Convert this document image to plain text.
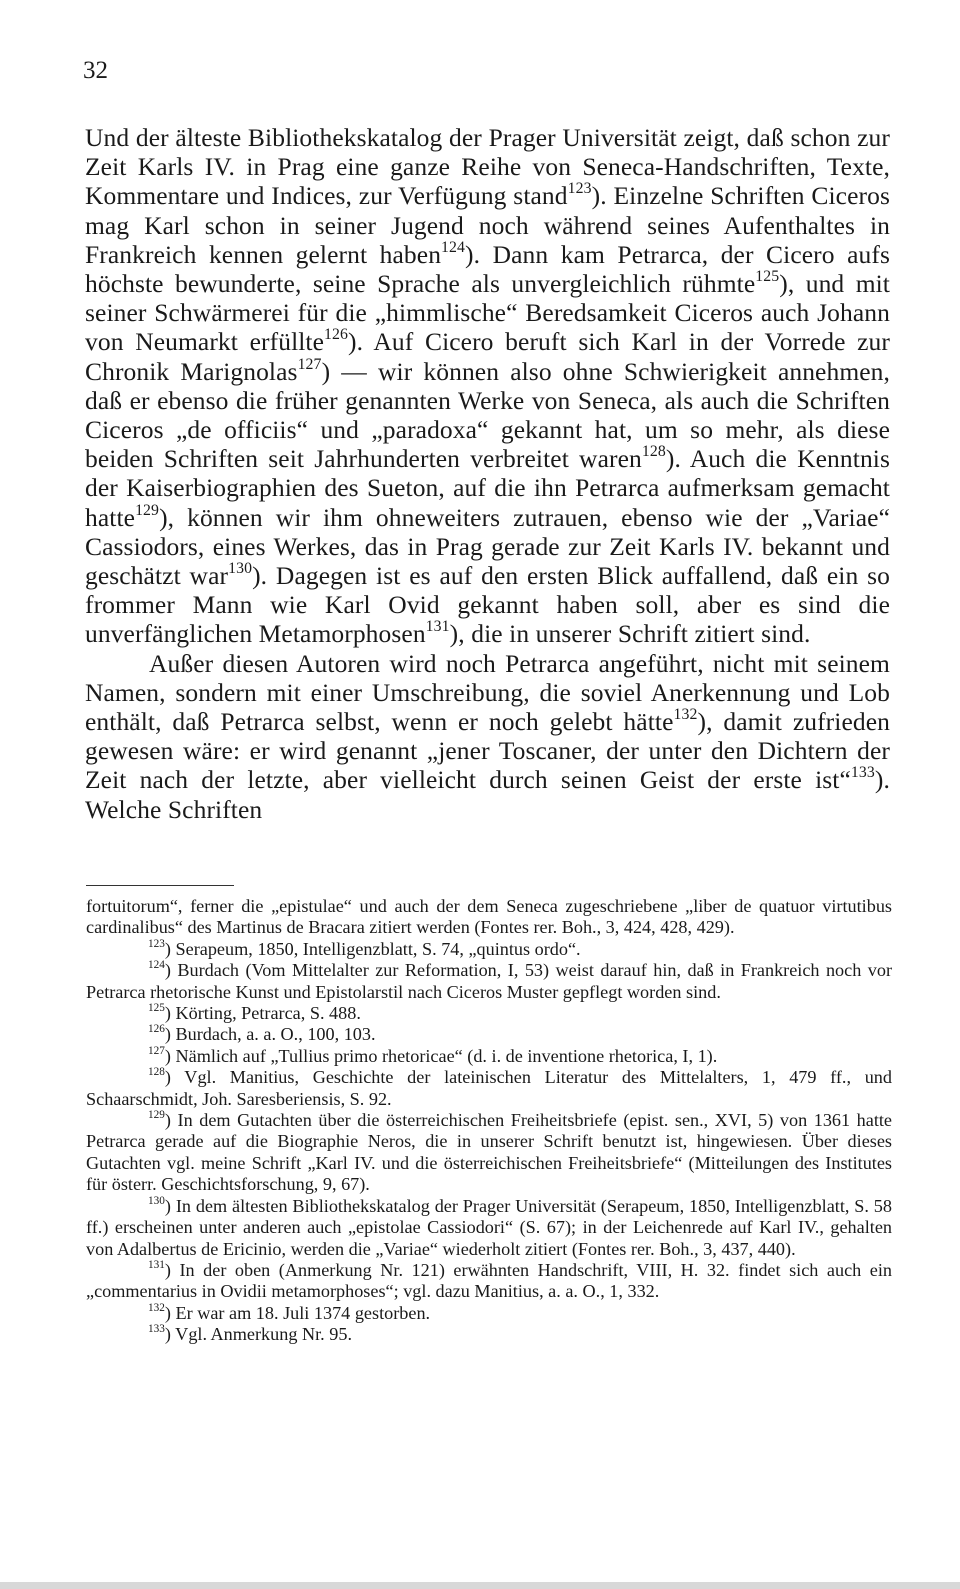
32

Und der älteste Bibliothekskatalog der Prager Universität zeigt, daß schon zur Zeit Karls IV. in Prag eine ganze Reihe von Seneca-Handschriften, Texte, Kommentare und Indices, zur Verfügung stand$^{123}$). Einzelne Schriften Ciceros mag Karl schon in seiner Jugend noch während seines Aufenthaltes in Frankreich kennen gelernt haben$^{124}$). Dann kam Petrarca, der Cicero aufs höchste bewunderte, seine Sprache als unvergleichlich rühmte$^{125}$), und mit seiner Schwärmerei für die „himmlische“ Beredsamkeit Ciceros auch Johann von Neumarkt erfüllte$^{126}$). Auf Cicero beruft sich Karl in der Vorrede zur Chronik Marignolas$^{127}$) — wir können also ohne Schwierigkeit annehmen, daß er ebenso die früher genannten Werke von Seneca, als auch die Schriften Ciceros „de officiis“ und „paradoxa“ gekannt hat, um so mehr, als diese beiden Schriften seit Jahrhunderten verbreitet waren$^{128}$). Auch die Kenntnis der Kaiserbiographien des Sueton, auf die ihn Petrarca aufmerksam gemacht hatte$^{129}$), können wir ihm ohneweiters zutrauen, ebenso wie der „Variae“ Cassiodors, eines Werkes, das in Prag gerade zur Zeit Karls IV. bekannt und geschätzt war$^{130}$). Dagegen ist es auf den ersten Blick auffallend, daß ein so frommer Mann wie Karl Ovid gekannt haben soll, aber es sind die unverfänglichen Metamorphosen$^{131}$), die in unserer Schrift zitiert sind.

Außer diesen Autoren wird noch Petrarca angeführt, nicht mit seinem Namen, sondern mit einer Umschreibung, die soviel Anerkennung und Lob enthält, daß Petrarca selbst, wenn er noch gelebt hätte$^{132}$), damit zufrieden gewesen wäre: er wird genannt „jener Toscaner, der unter den Dichtern der Zeit nach der letzte, aber vielleicht durch seinen Geist der erste ist“$^{133}$). Welche Schriften

fortuitorum“, ferner die „epistulae“ und auch der dem Seneca zugeschriebene „liber de quatuor virtutibus cardinalibus“ des Martinus de Bracara zitiert werden (Fontes rer. Boh., 3, 424, 428, 429).

$^{123}$) Serapeum, 1850, Intelligenzblatt, S. 74, „quintus ordo“.

$^{124}$) Burdach (Vom Mittelalter zur Reformation, I, 53) weist darauf hin, daß in Frankreich noch vor Petrarca rhetorische Kunst und Epistolarstil nach Ciceros Muster gepflegt worden sind.

$^{125}$) Körting, Petrarca, S. 488.

$^{126}$) Burdach, a. a. O., 100, 103.

$^{127}$) Nämlich auf „Tullius primo rhetoricae“ (d. i. de inventione rhetorica, I, 1).

$^{128}$) Vgl. Manitius, Geschichte der lateinischen Literatur des Mittelalters, 1, 479 ff., und Schaarschmidt, Joh. Saresberiensis, S. 92.

$^{129}$) In dem Gutachten über die österreichischen Freiheitsbriefe (epist. sen., XVI, 5) von 1361 hatte Petrarca gerade auf die Biographie Neros, die in unserer Schrift benutzt ist, hingewiesen. Über dieses Gutachten vgl. meine Schrift „Karl IV. und die österreichischen Freiheitsbriefe“ (Mitteilungen des Institutes für österr. Geschichtsforschung, 9, 67).

$^{130}$) In dem ältesten Bibliothekskatalog der Prager Universität (Serapeum, 1850, Intelligenzblatt, S. 58 ff.) erscheinen unter anderen auch „epistolae Cassiodori“ (S. 67); in der Leichenrede auf Karl IV., gehalten von Adalbertus de Ericinio, werden die „Variae“ wiederholt zitiert (Fontes rer. Boh., 3, 437, 440).

$^{131}$) In der oben (Anmerkung Nr. 121) erwähnten Handschrift, VIII, H. 32. findet sich auch ein „commentarius in Ovidii metamorphoses“; vgl. dazu Manitius, a. a. O., 1, 332.

$^{132}$) Er war am 18. Juli 1374 gestorben.

$^{133}$) Vgl. Anmerkung Nr. 95.
